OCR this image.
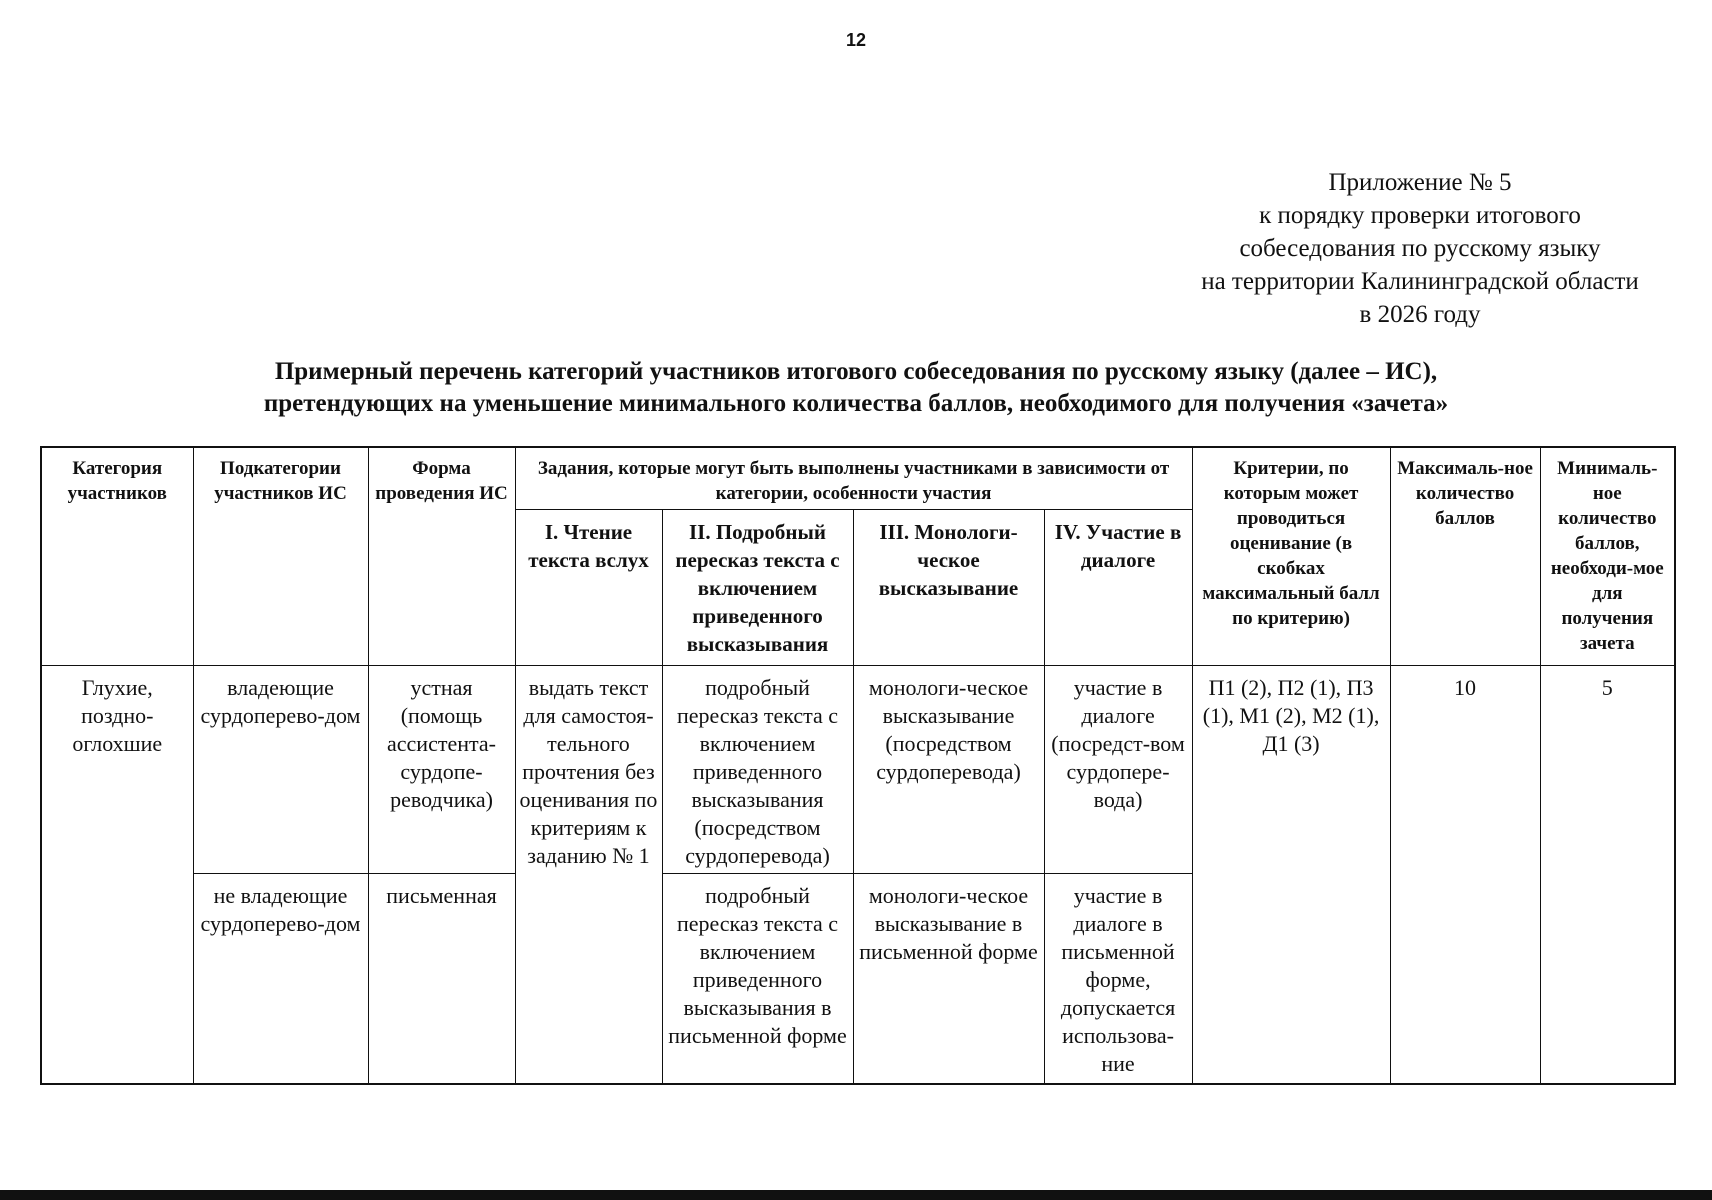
12
Приложение № 5
к порядку проверки итогового
собеседования по русскому языку
на территории Калининградской области
в 2026 году
Примерный перечень категорий участников итогового собеседования по русскому языку (далее – ИС),
претендующих на уменьшение минимального количества баллов, необходимого для получения «зачета»
Категория участников	Подкатегории участников ИС	Форма проведения ИС	Задания, которые могут быть выполнены участниками в зависимости от категории, особенности участия				Критерии, по которым может проводиться оценивание (в скобках максимальный балл по критерию)	Максималь-ное количество баллов	Минималь-ное количество баллов, необходи-мое для получения зачета
			I. Чтение текста вслух	II. Подробный пересказ текста с включением приведенного высказывания	III. Монологи-ческое высказывание	IV. Участие в диалоге			
Глухие, поздно-оглохшие	владеющие сурдоперево-дом	устная (помощь ассистента-сурдопе-реводчика)	выдать текст для самостоя-тельного прочтения без оценивания по критериям к заданию № 1	подробный пересказ текста с включением приведенного высказывания (посредством сурдоперевода)	монологи-ческое высказывание (посредством сурдоперевода)	участие в диалоге (посредст-вом сурдопере-вода)	П1 (2), П2 (1), П3 (1), М1 (2), М2 (1), Д1 (3)	10	5
	не владеющие сурдоперево-дом	письменная		подробный пересказ текста с включением приведенного высказывания в письменной форме	монологи-ческое высказывание в письменной форме	участие в диалоге в письменной форме, допускается использова-ние			
